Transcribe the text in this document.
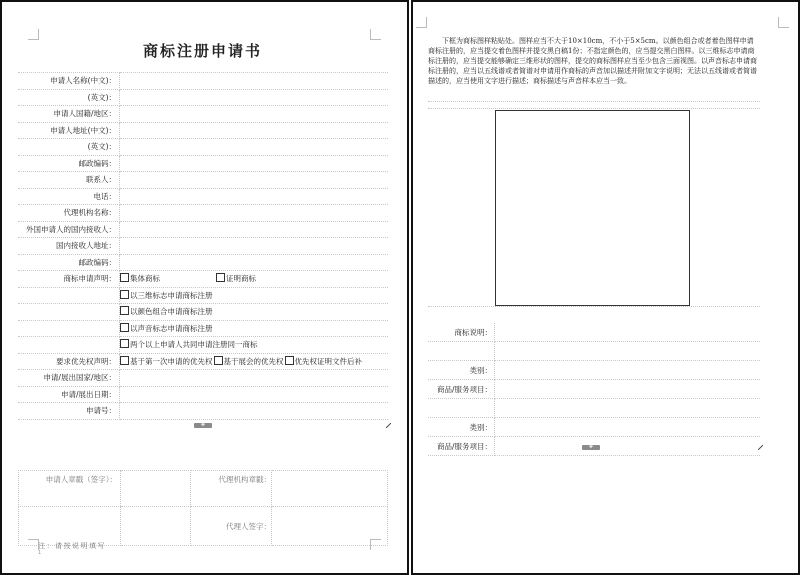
商标注册申请书
申请人名称(中文)：	
(英文)：	
申请人国籍/地区：	
申请人地址(中文)：	
(英文)：	
邮政编码：	
联系人：	
电话：	
代理机构名称：	
外国申请人的国内接收人：	
国内接收人地址：	
邮政编码：	
商标申请声明：	集体商标 证明商标
	以三维标志申请商标注册
	以颜色组合申请商标注册
	以声音标志申请商标注册
	两个以上申请人共同申请注册同一商标
要求优先权声明：	基于第一次申请的优先权 基于展会的优先权 优先权证明文件后补
申请/展出国家/地区：	
申请/展出日期：	
申请号：	
✥
申请人章戳（签字）：		代理机构章戳：	
		代理人签字：	
注：请按说明填写
1
下框为商标图样粘贴处。图样应当不大于10×10cm，不小于5×5cm。以颜色组合或者着色图样申请商标注册的，应当提交着色图样并提交黑白稿1份；不指定颜色的，应当提交黑白图样。以三维标志申请商标注册的，应当提交能够确定三维形状的图样，提交的商标图样应当至少包含三面视图。以声音标志申请商标注册的，应当以五线谱或者简谱对申请用作商标的声音加以描述并附加文字说明；无法以五线谱或者简谱描述的，应当使用文字进行描述；商标描述与声音样本应当一致。
商标说明：	

类别：	
商品/服务项目：	

类别：	
商品/服务项目：		✥
